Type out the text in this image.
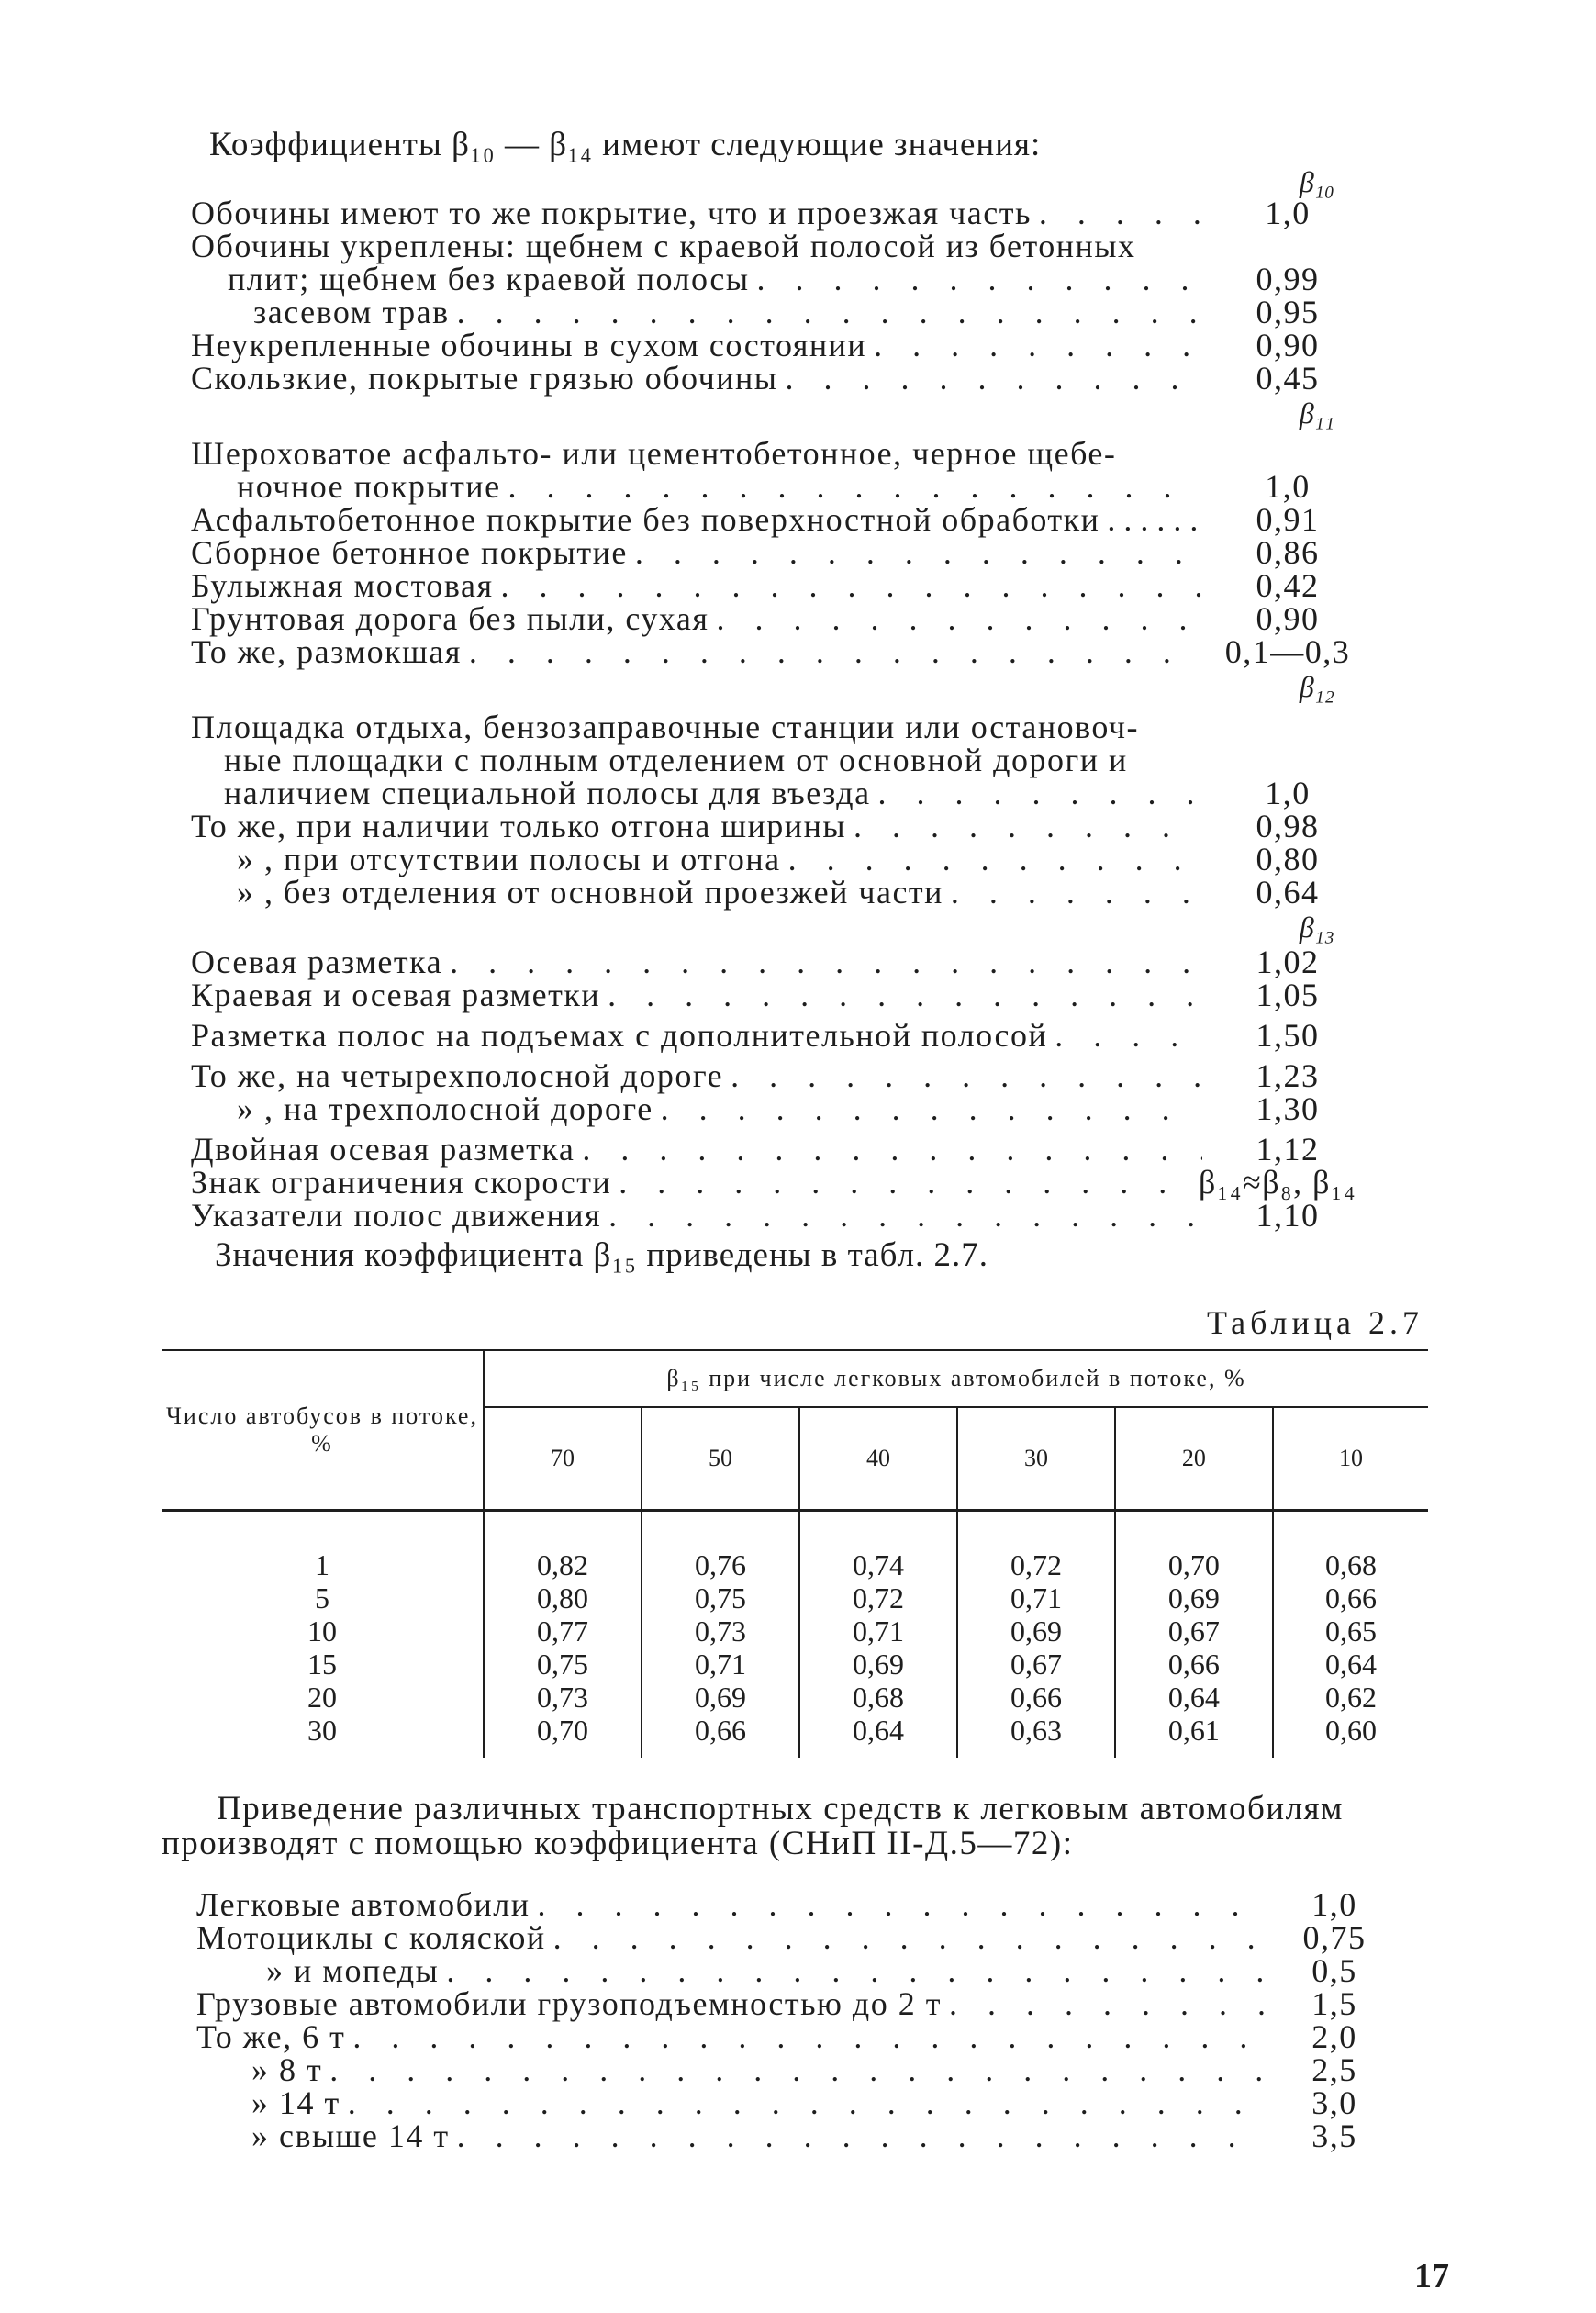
Коэффициенты β₁₀ — β₁₄ имеют следующие значения:

β₁₀
Обочины имеют то же покрытие, что и проезжая часть . . .	1,0
Обочины укреплены: щебнем с краевой полосой из бетонных
плит; щебнем без краевой полосы . . .	0,99
засевом трав . . .	0,95
Неукрепленные обочины в сухом состоянии . . .	0,90
Скользкие, покрытые грязью обочины . . .	0,45
β₁₁
Шероховатое асфальто- или цементобетонное, черное щебе-
ночное покрытие . . .	1,0
Асфальтобетонное покрытие без поверхностной обработки . . .	0,91
Сборное бетонное покрытие . . .	0,86
Булыжная мостовая . . .	0,42
Грунтовая дорога без пыли, сухая . . .	0,90
То же, размокшая . . .	0,1—0,3
β₁₂
Площадка отдыха, бензозаправочные станции или остановоч-
ные площадки с полным отделением от основной дороги и
наличием специальной полосы для въезда . . .	1,0
То же, при наличии только отгона ширины . . .	0,98
» , при отсутствии полосы и отгона . . .	0,80
» , без отделения от основной проезжей части . . .	0,64
β₁₃
Осевая разметка . . .	1,02
Краевая и осевая разметки . . .	1,05
Разметка полос на подъемах с дополнительной полосой . . .	1,50
То же, на четырехполосной дороге . . .	1,23
» , на трехполосной дороге . . .	1,30
Двойная осевая разметка . . .	1,12
Знак ограничения скорости . . .	β₁₄≈β₈, β₁₄
Указатели полос движения . . .	1,10

Значения коэффициента β₁₅ приведены в табл. 2.7.

Таблица 2.7

Число автобусов в потоке, %	β₁₅ при числе легковых автомобилей в потоке, %					
	70	50	40	30	20	10

1	0,82	0,76	0,74	0,72	0,70	0,68
5	0,80	0,75	0,72	0,71	0,69	0,66
10	0,77	0,73	0,71	0,69	0,67	0,65
15	0,75	0,71	0,69	0,67	0,66	0,64
20	0,73	0,69	0,68	0,66	0,64	0,62
30	0,70	0,66	0,64	0,63	0,61	0,60

Приведение различных транспортных средств к легковым автомобилям производят с помощью коэффициента (СНиП II-Д.5—72):

Легковые автомобили . . .	1,0
Мотоциклы с коляской . . .	0,75
» и мопеды . . .	0,5
Грузовые автомобили грузоподъемностью до 2 т . . .	1,5
То же, 6 т . . .	2,0
» 8 т . . .	2,5
» 14 т . . .	3,0
» свыше 14 т . . .	3,5

17
